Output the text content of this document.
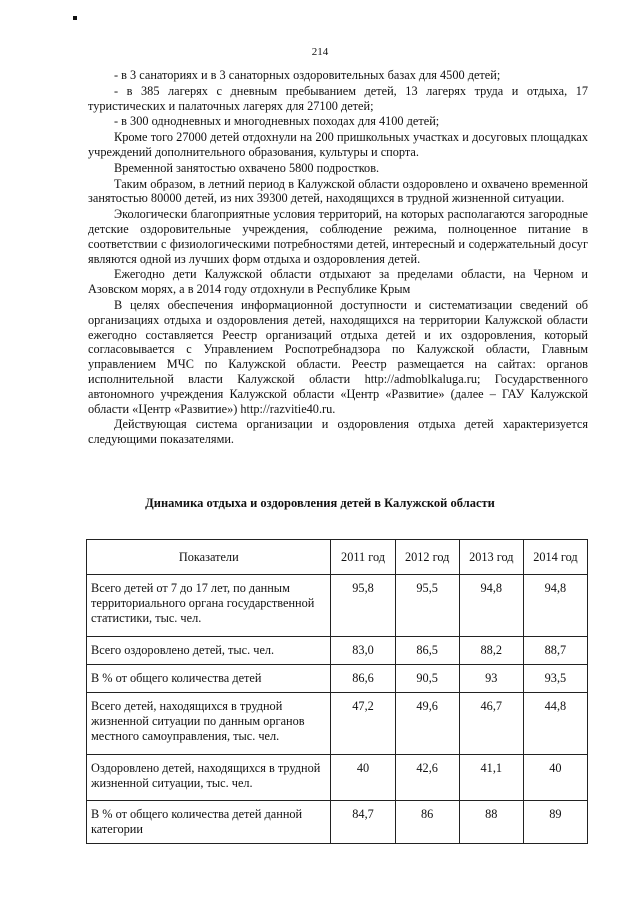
214

- в 3 санаториях и в 3 санаторных оздоровительных базах для 4500 детей;

- в 385 лагерях с дневным пребыванием детей, 13 лагерях труда и отдыха, 17 туристических и палаточных лагерях для 27100 детей;

- в 300 однодневных и многодневных походах для 4100 детей;

Кроме того 27000 детей отдохнули на 200 пришкольных участках и досуговых площадках учреждений дополнительного образования, культуры и спорта.

Временной занятостью охвачено 5800 подростков.

Таким образом, в летний период в Калужской области оздоровлено и охвачено временной занятостью 80000 детей, из них 39300 детей, находящихся в трудной жизненной ситуации.

Экологически благоприятные условия территорий, на которых располагаются загородные детские оздоровительные учреждения, соблюдение режима, полноценное питание в соответствии с физиологическими потребностями детей, интересный и содержательный досуг являются одной из лучших форм отдыха и оздоровления детей.

Ежегодно дети Калужской области отдыхают за пределами области, на Черном и Азовском морях, а в 2014 году отдохнули в Республике Крым

В целях обеспечения информационной доступности и систематизации сведений об организациях отдыха и оздоровления детей, находящихся на территории Калужской области ежегодно составляется Реестр организаций отдыха детей и их оздоровления, который согласовывается с Управлением Роспотребнадзора по Калужской области, Главным управлением МЧС по Калужской области. Реестр размещается на сайтах: органов исполнительной власти Калужской области http://admoblkaluga.ru; Государственного автономного учреждения Калужской области «Центр «Развитие» (далее – ГАУ Калужской области «Центр «Развитие») http://razvitie40.ru.

Действующая система организации и оздоровления отдыха детей характеризуется следующими показателями.

Динамика отдыха и оздоровления детей в Калужской области
Показатели	2011 год	2012 год	2013 год	2014 год
Всего детей от 7 до 17 лет, по данным территориального органа государственной статистики, тыс. чел.	95,8	95,5	94,8	94,8
Всего оздоровлено детей, тыс. чел.	83,0	86,5	88,2	88,7
В % от общего количества детей	86,6	90,5	93	93,5
Всего детей, находящихся в трудной жизненной ситуации по данным органов местного самоуправления, тыс. чел.	47,2	49,6	46,7	44,8
Оздоровлено детей, находящихся в трудной жизненной ситуации, тыс. чел.	40	42,6	41,1	40
В % от общего количества детей данной категории	84,7	86	88	89
